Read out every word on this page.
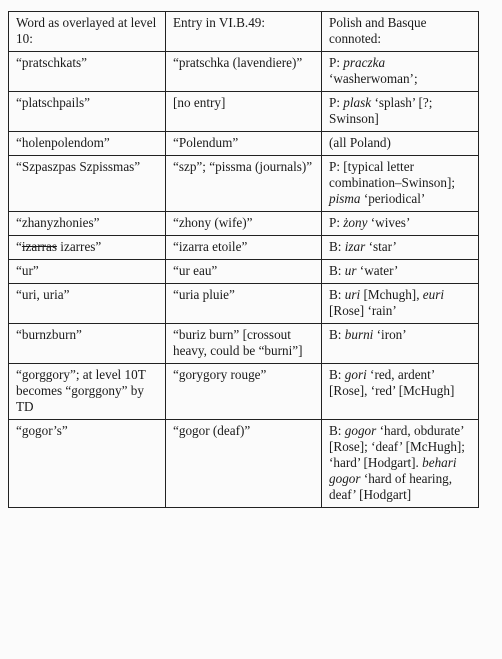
Word as overlayed at level 10:	Entry in VI.B.49:	Polish and Basque connoted:
“pratschkats”	“pratschka (lavendiere)”	P: praczka ‘washerwoman’;
“platschpails”	[no entry]	P: plask ‘splash’ [?; Swinson]
“holenpolendom”	“Polendum”	(all Poland)
“Szpaszpas Szpissmas”	“szp”; “pissma (journals)”	P: [typical letter combination–Swinson]; pisma ‘periodical’
“zhanyzhonies”	“zhony (wife)”	P: żony ‘wives’
“izarras izarres”	“izarra etoile”	B: izar ‘star’
“ur”	“ur eau”	B: ur ‘water’
“uri, uria”	“uria pluie”	B: uri [Mchugh], euri [Rose] ‘rain’
“burnzburn”	“buriz burn” [crossout heavy, could be “burni”]	B: burni ‘iron’
“gorggory”; at level 10T becomes “gorggony” by TD	“gorygory rouge”	B: gori ‘red, ardent’ [Rose], ‘red’ [McHugh]
“gogor’s”	“gogor (deaf)”	B: gogor ‘hard, obdurate’ [Rose]; ‘deaf’ [McHugh]; ‘hard’ [Hodgart]. behari gogor ‘hard of hearing, deaf’ [Hodgart]
